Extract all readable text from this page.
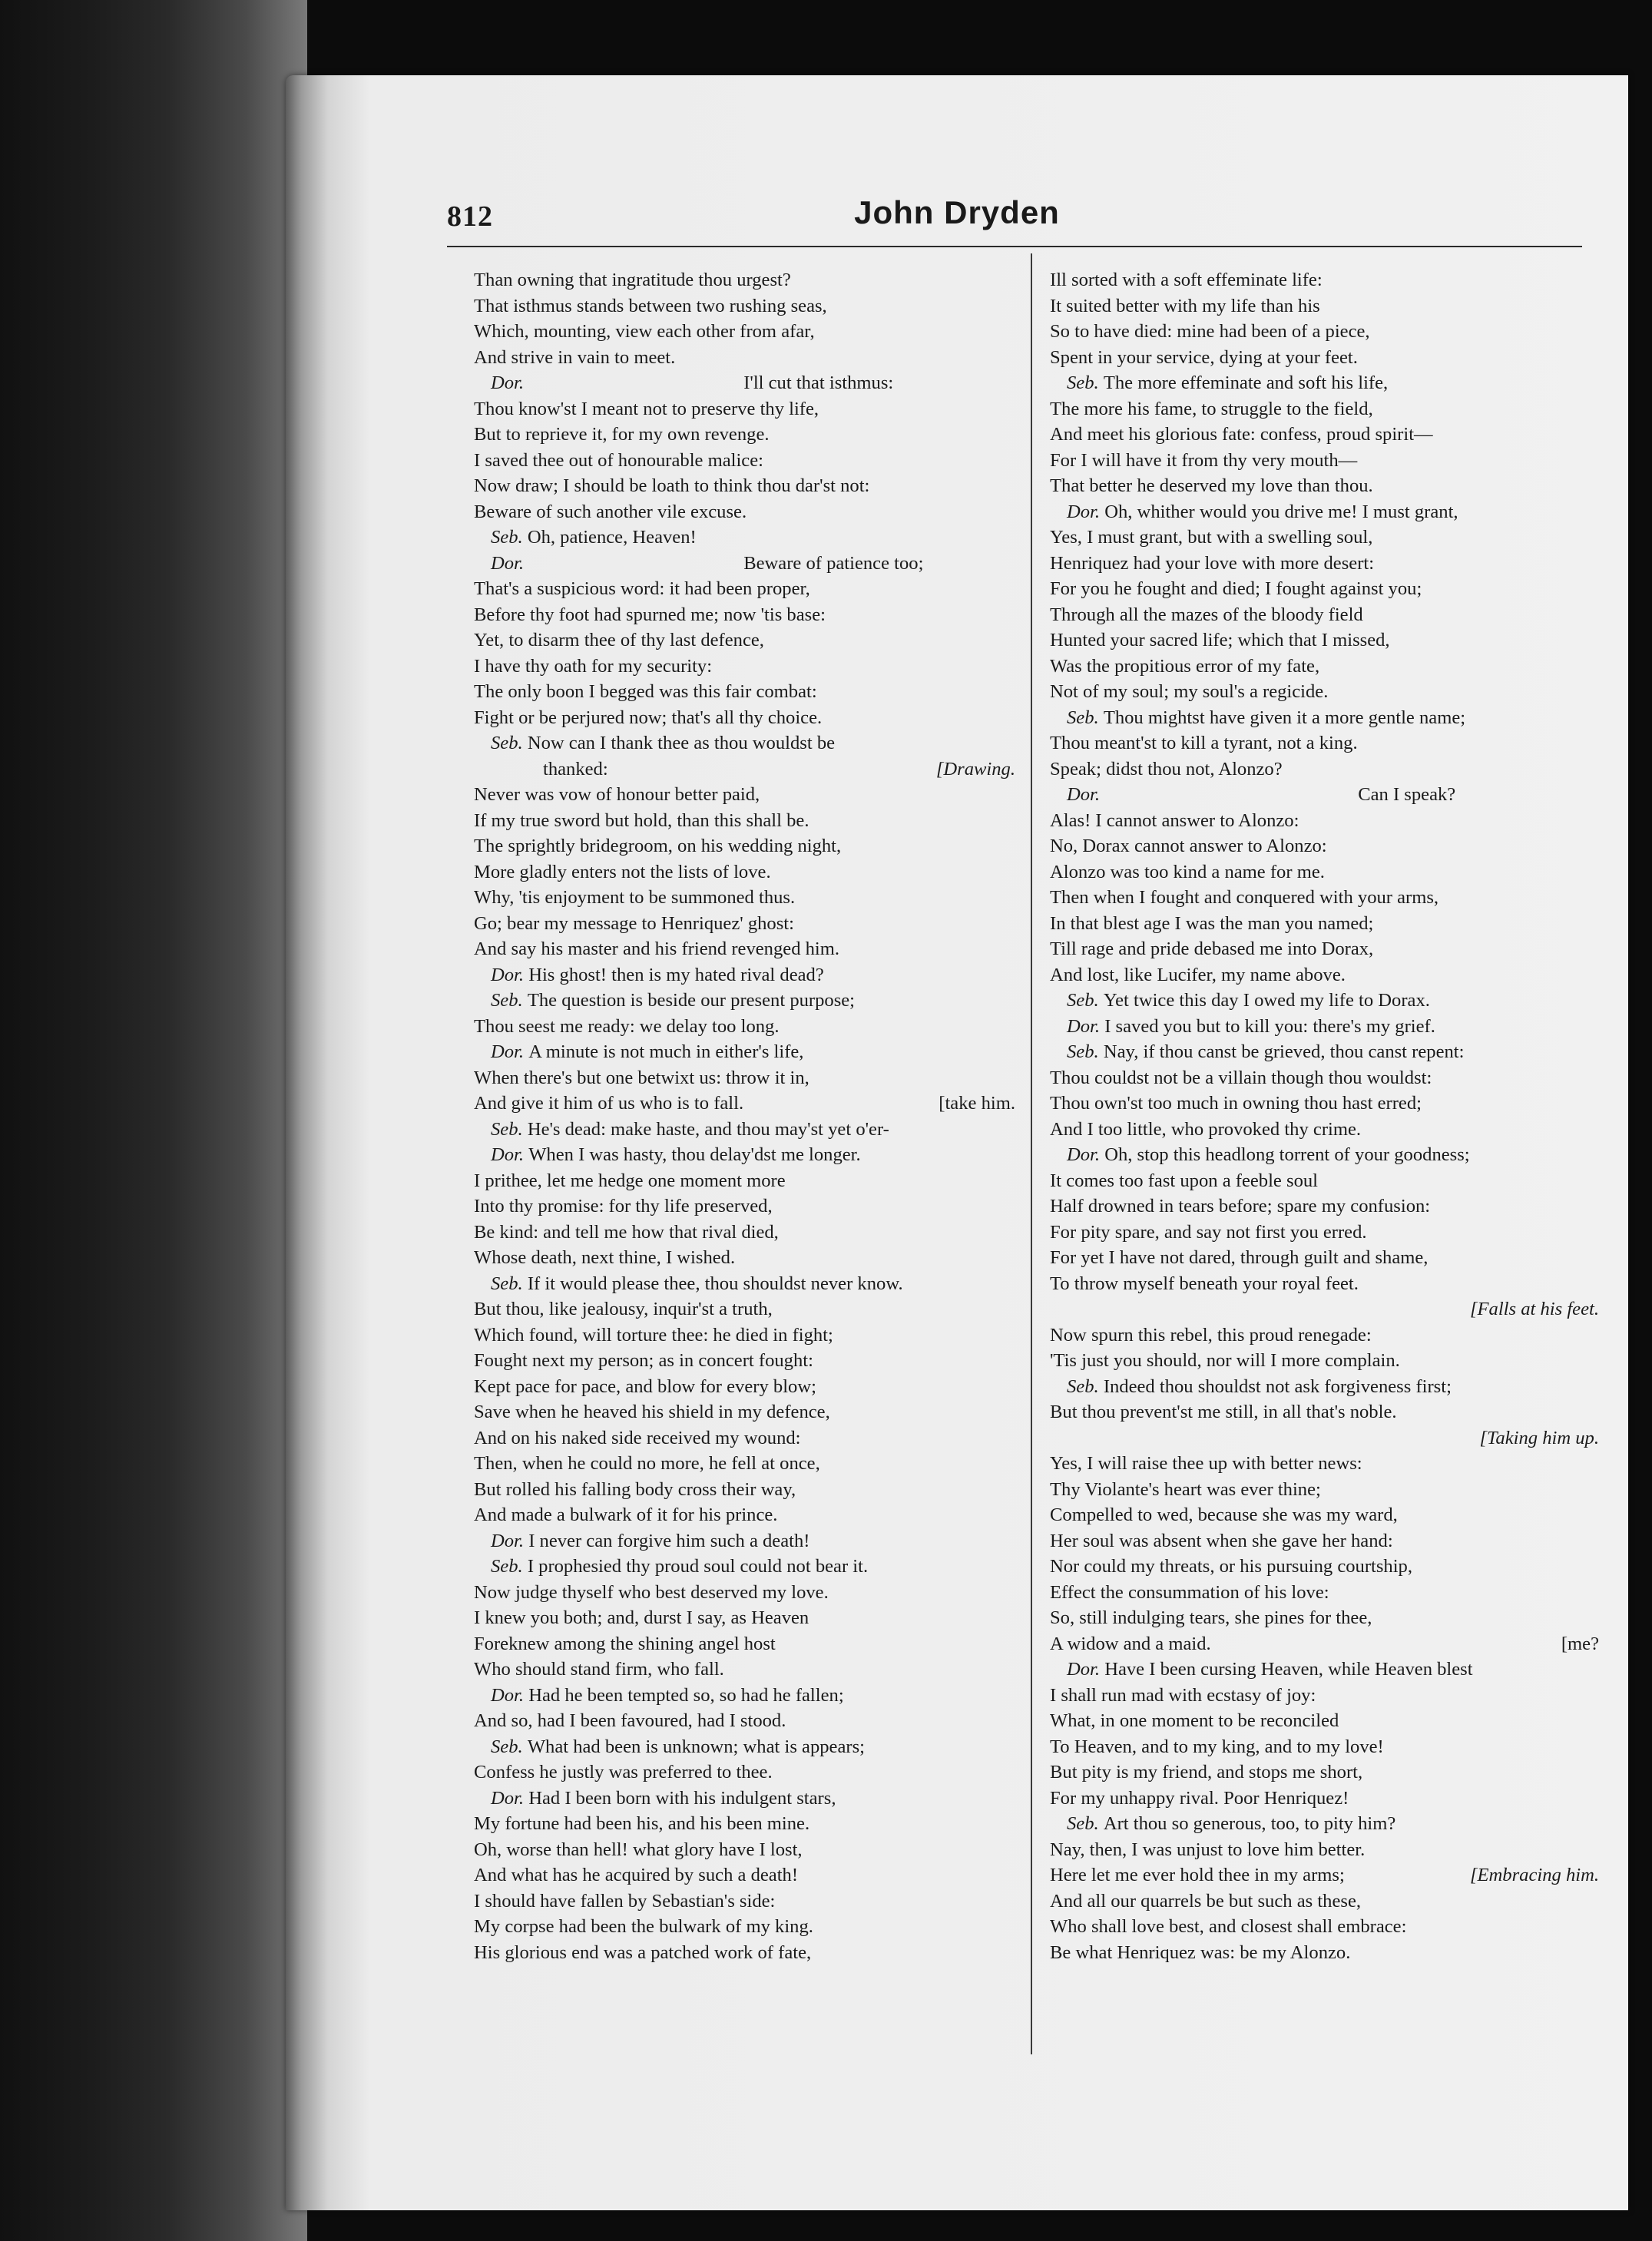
812	John Dryden
Than owning that ingratitude thou urgest?
That isthmus stands between two rushing seas,
Which, mounting, view each other from afar,
And strive in vain to meet.
Dor.	I'll cut that isthmus:
Thou know'st I meant not to preserve thy life,
But to reprieve it, for my own revenge.
I saved thee out of honourable malice:
Now draw; I should be loath to think thou dar'st not:
Beware of such another vile excuse.
Seb. Oh, patience, Heaven!
Dor.	Beware of patience too;
That's a suspicious word: it had been proper,
Before thy foot had spurned me; now 'tis base:
Yet, to disarm thee of thy last defence,
I have thy oath for my security:
The only boon I begged was this fair combat:
Fight or be perjured now; that's all thy choice.
Seb. Now can I thank thee as thou wouldst be
thanked:	[Drawing.
Never was vow of honour better paid,
If my true sword but hold, than this shall be.
The sprightly bridegroom, on his wedding night,
More gladly enters not the lists of love.
Why, 'tis enjoyment to be summoned thus.
Go; bear my message to Henriquez' ghost:
And say his master and his friend revenged him.
Dor. His ghost! then is my hated rival dead?
Seb. The question is beside our present purpose;
Thou seest me ready: we delay too long.
Dor. A minute is not much in either's life,
When there's but one betwixt us: throw it in,
And give it him of us who is to fall.	[take him.
Seb. He's dead: make haste, and thou may'st yet o'er-
Dor. When I was hasty, thou delay'dst me longer.
I prithee, let me hedge one moment more
Into thy promise: for thy life preserved,
Be kind: and tell me how that rival died,
Whose death, next thine, I wished.
Seb. If it would please thee, thou shouldst never know.
But thou, like jealousy, inquir'st a truth,
Which found, will torture thee: he died in fight;
Fought next my person; as in concert fought:
Kept pace for pace, and blow for every blow;
Save when he heaved his shield in my defence,
And on his naked side received my wound:
Then, when he could no more, he fell at once,
But rolled his falling body cross their way,
And made a bulwark of it for his prince.
Dor. I never can forgive him such a death!
Seb. I prophesied thy proud soul could not bear it.
Now judge thyself who best deserved my love.
I knew you both; and, durst I say, as Heaven
Foreknew among the shining angel host
Who should stand firm, who fall.
Dor. Had he been tempted so, so had he fallen;
And so, had I been favoured, had I stood.
Seb. What had been is unknown; what is appears;
Confess he justly was preferred to thee.
Dor. Had I been born with his indulgent stars,
My fortune had been his, and his been mine.
Oh, worse than hell! what glory have I lost,
And what has he acquired by such a death!
I should have fallen by Sebastian's side:
My corpse had been the bulwark of my king.
His glorious end was a patched work of fate,
Ill sorted with a soft effeminate life:
It suited better with my life than his
So to have died: mine had been of a piece,
Spent in your service, dying at your feet.
Seb. The more effeminate and soft his life,
The more his fame, to struggle to the field,
And meet his glorious fate: confess, proud spirit—
For I will have it from thy very mouth—
That better he deserved my love than thou.
Dor. Oh, whither would you drive me! I must grant,
Yes, I must grant, but with a swelling soul,
Henriquez had your love with more desert:
For you he fought and died; I fought against you;
Through all the mazes of the bloody field
Hunted your sacred life; which that I missed,
Was the propitious error of my fate,
Not of my soul; my soul's a regicide.
Seb. Thou mightst have given it a more gentle name;
Thou meant'st to kill a tyrant, not a king.
Speak; didst thou not, Alonzo?
Dor.	Can I speak?
Alas! I cannot answer to Alonzo:
No, Dorax cannot answer to Alonzo:
Alonzo was too kind a name for me.
Then when I fought and conquered with your arms,
In that blest age I was the man you named;
Till rage and pride debased me into Dorax,
And lost, like Lucifer, my name above.
Seb. Yet twice this day I owed my life to Dorax.
Dor. I saved you but to kill you: there's my grief.
Seb. Nay, if thou canst be grieved, thou canst repent:
Thou couldst not be a villain though thou wouldst:
Thou own'st too much in owning thou hast erred;
And I too little, who provoked thy crime.
Dor. Oh, stop this headlong torrent of your goodness;
It comes too fast upon a feeble soul
Half drowned in tears before; spare my confusion:
For pity spare, and say not first you erred.
For yet I have not dared, through guilt and shame,
To throw myself beneath your royal feet.
[Falls at his feet.
Now spurn this rebel, this proud renegade:
'Tis just you should, nor will I more complain.
Seb. Indeed thou shouldst not ask forgiveness first;
But thou prevent'st me still, in all that's noble.
[Taking him up.
Yes, I will raise thee up with better news:
Thy Violante's heart was ever thine;
Compelled to wed, because she was my ward,
Her soul was absent when she gave her hand:
Nor could my threats, or his pursuing courtship,
Effect the consummation of his love:
So, still indulging tears, she pines for thee,
A widow and a maid.	[me?
Dor. Have I been cursing Heaven, while Heaven blest
I shall run mad with ecstasy of joy:
What, in one moment to be reconciled
To Heaven, and to my king, and to my love!
But pity is my friend, and stops me short,
For my unhappy rival. Poor Henriquez!
Seb. Art thou so generous, too, to pity him?
Nay, then, I was unjust to love him better.
Here let me ever hold thee in my arms;	[Embracing him.
And all our quarrels be but such as these,
Who shall love best, and closest shall embrace:
Be what Henriquez was: be my Alonzo.
